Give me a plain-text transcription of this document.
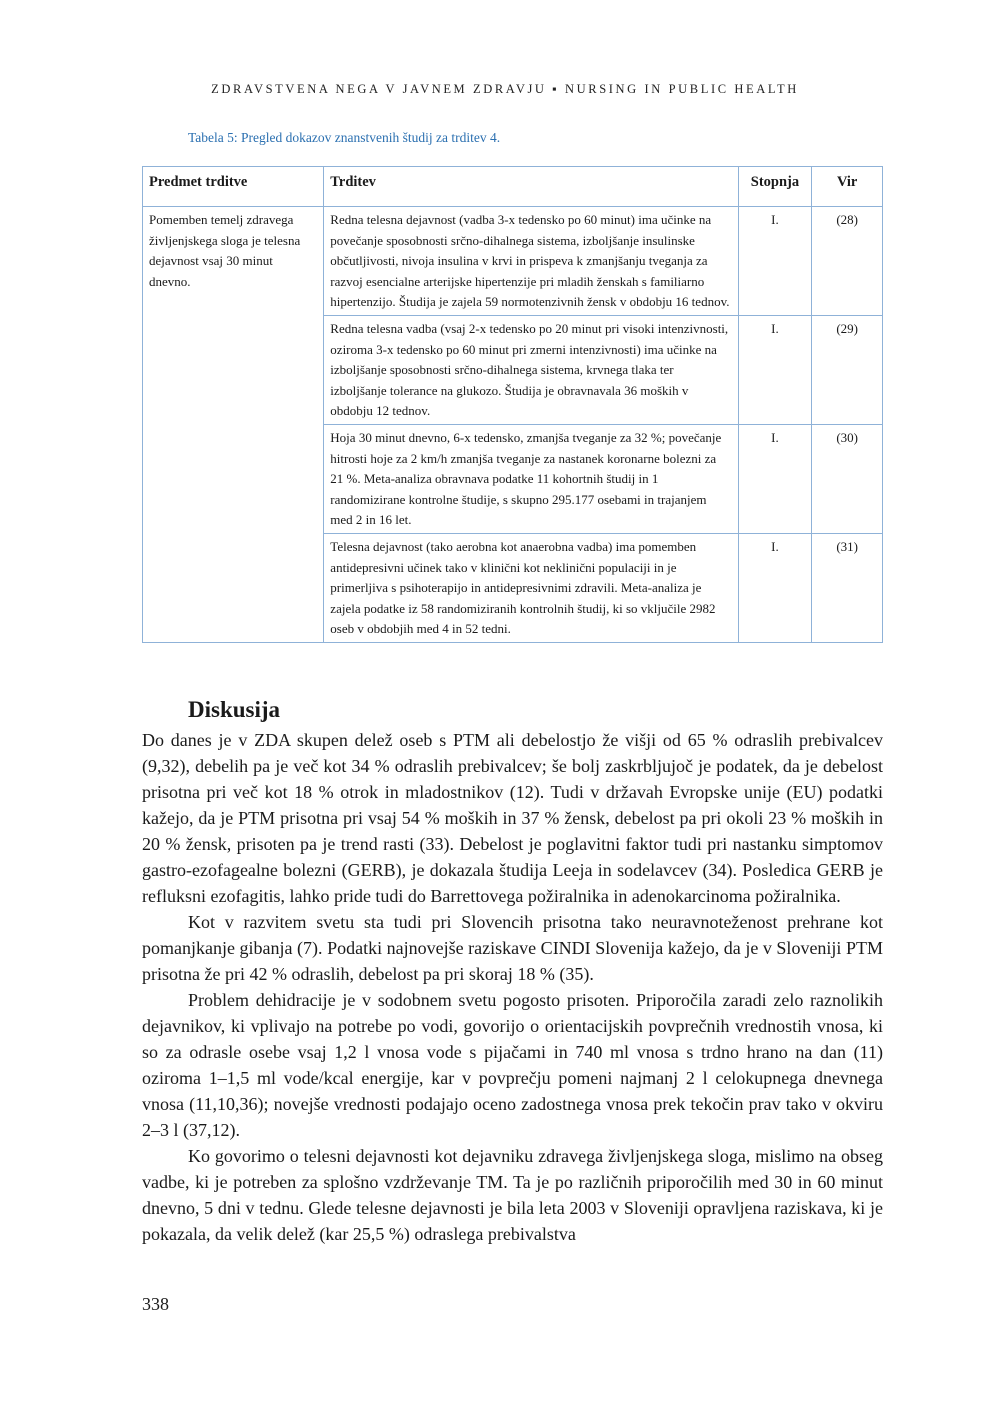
ZDRAVSTVENA NEGA V JAVNEM ZDRAVJU ▪ NURSING IN PUBLIC HEALTH
Tabela 5: Pregled dokazov znanstvenih študij za trditev 4.
Predmet trditve	Trditev	Stopnja	Vir
Pomemben temelj zdravega življenjskega sloga je telesna dejavnost vsaj 30 minut dnevno.	Redna telesna dejavnost (vadba 3-x tedensko po 60 minut) ima učinke na povečanje sposobnosti srčno-dihalnega sistema, izboljšanje insulinske občutljivosti, nivoja insulina v krvi in prispeva k zmanjšanju tveganja za razvoj esencialne arterijske hipertenzije pri mladih ženskah s familiarno hipertenzijo. Študija je zajela 59 normotenzivnih žensk v obdobju 16 tednov.	I.	(28)
	Redna telesna vadba (vsaj 2-x tedensko po 20 minut pri visoki intenzivnosti, oziroma 3-x tedensko po 60 minut pri zmerni intenzivnosti) ima učinke na izboljšanje sposobnosti srčno-dihalnega sistema, krvnega tlaka ter izboljšanje tolerance na glukozo. Študija je obravnavala 36 moških v obdobju 12 tednov.	I.	(29)
	Hoja 30 minut dnevno, 6-x tedensko, zmanjša tveganje za 32 %; povečanje hitrosti hoje za 2 km/h zmanjša tveganje za nastanek koronarne bolezni za 21 %. Meta-analiza obravnava podatke 11 kohortnih študij in 1 randomizirane kontrolne študije, s skupno 295.177 osebami in trajanjem med 2 in 16 let.	I.	(30)
	Telesna dejavnost (tako aerobna kot anaerobna vadba) ima pomemben antidepresivni učinek tako v klinični kot neklinični populaciji in je primerljiva s psihoterapijo in antidepresivnimi zdravili. Meta-analiza je zajela podatke iz 58 randomiziranih kontrolnih študij, ki so vključile 2982 oseb v obdobjih med 4 in 52 tedni.	I.	(31)
Diskusija

Do danes je v ZDA skupen delež oseb s PTM ali debelostjo že višji od 65 % odraslih prebivalcev (9,32), debelih pa je več kot 34 % odraslih prebivalcev; še bolj zaskrbljujoč je podatek, da je debelost prisotna pri več kot 18 % otrok in mladostnikov (12). Tudi v državah Evropske unije (EU) podatki kažejo, da je PTM prisotna pri vsaj 54 % moških in 37 % žensk, debelost pa pri okoli 23 % moških in 20 % žensk, prisoten pa je trend rasti (33). Debelost je poglavitni faktor tudi pri nastanku simptomov gastro-ezofagealne bolezni (GERB), je dokazala študija Leeja in sodelavcev (34). Posledica GERB je refluksni ezofagitis, lahko pride tudi do Barrettovega požiralnika in adenokarcinoma požiralnika.

Kot v razvitem svetu sta tudi pri Slovencih prisotna tako neuravnoteženost prehrane kot pomanjkanje gibanja (7). Podatki najnovejše raziskave CINDI Slovenija kažejo, da je v Sloveniji PTM prisotna že pri 42 % odraslih, debelost pa pri skoraj 18 % (35).

Problem dehidracije je v sodobnem svetu pogosto prisoten. Priporočila zaradi zelo raznolikih dejavnikov, ki vplivajo na potrebe po vodi, govorijo o orientacijskih povprečnih vrednostih vnosa, ki so za odrasle osebe vsaj 1,2 l vnosa vode s pijačami in 740 ml vnosa s trdno hrano na dan (11) oziroma 1–1,5 ml vode/kcal energije, kar v povprečju pomeni najmanj 2 l celokupnega dnevnega vnosa (11,10,36); novejše vrednosti podajajo oceno zadostnega vnosa prek tekočin prav tako v okviru 2–3 l (37,12).

Ko govorimo o telesni dejavnosti kot dejavniku zdravega življenjskega sloga, mislimo na obseg vadbe, ki je potreben za splošno vzdrževanje TM. Ta je po različnih priporočilih med 30 in 60 minut dnevno, 5 dni v tednu. Glede telesne dejavnosti je bila leta 2003 v Sloveniji opravljena raziskava, ki je pokazala, da velik delež (kar 25,5 %) odraslega prebivalstva

338
